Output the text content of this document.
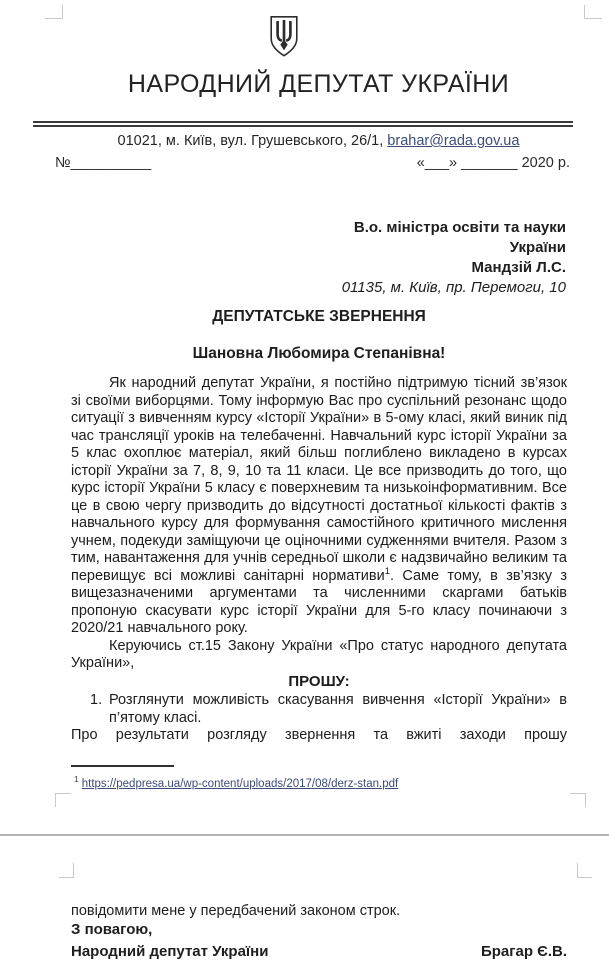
НАРОДНИЙ ДЕПУТАТ УКРАЇНИ
01021, м. Київ, вул. Грушевського, 26/1, brahar@rada.gov.ua
№__________	«___» _______ 2020 р.
В.о. міністра освіти та науки
України
Мандзій Л.С.
01135, м. Київ, пр. Перемоги, 10
ДЕПУТАТСЬКЕ ЗВЕРНЕННЯ
Шановна Любомира Степанівна!

Як народний депутат України, я постійно підтримую тісний зв’язок зі своїми виборцями. Тому інформую Вас про суспільний резонанс щодо ситуації з вивченням курсу «Історії України» в 5-ому класі, який виник під час трансляції уроків на телебаченні. Навчальний курс історії України за 5 клас охоплює матеріал, який більш поглиблено викладено в курсах історії України за 7, 8, 9, 10 та 11 класи. Це все призводить до того, що курс історії України 5 класу є поверхневим та низькоінформативним. Все це в свою чергу призводить до відсутності достатньої кількості фактів з навчального курсу для формування самостійного критичного мислення учнем, подекуди заміщуючи це оціночними судженнями вчителя. Разом з тим, навантаження для учнів середньої школи є надзвичайно великим та перевищує всі можливі санітарні нормативи$^1$. Саме тому, в зв’язку з вищезазначеними аргументами та численними скаргами батьків пропоную скасувати курс історії України для 5-го класу починаючи з 2020/21 навчального року.

Керуючись ст.15 Закону України «Про статус народного депутата України»,

ПРОШУ:

1. Розглянути можливість скасування вивчення «Історії України» в п’ятому класі.

Про результати розгляду звернення та вжиті заходи прошу

$^1$ https://pedpresa.ua/wp-content/uploads/2017/08/derz-stan.pdf

повідомити мене у передбачений законом строк.

З повагою,
Народний депутат України	Брагар Є.В.
